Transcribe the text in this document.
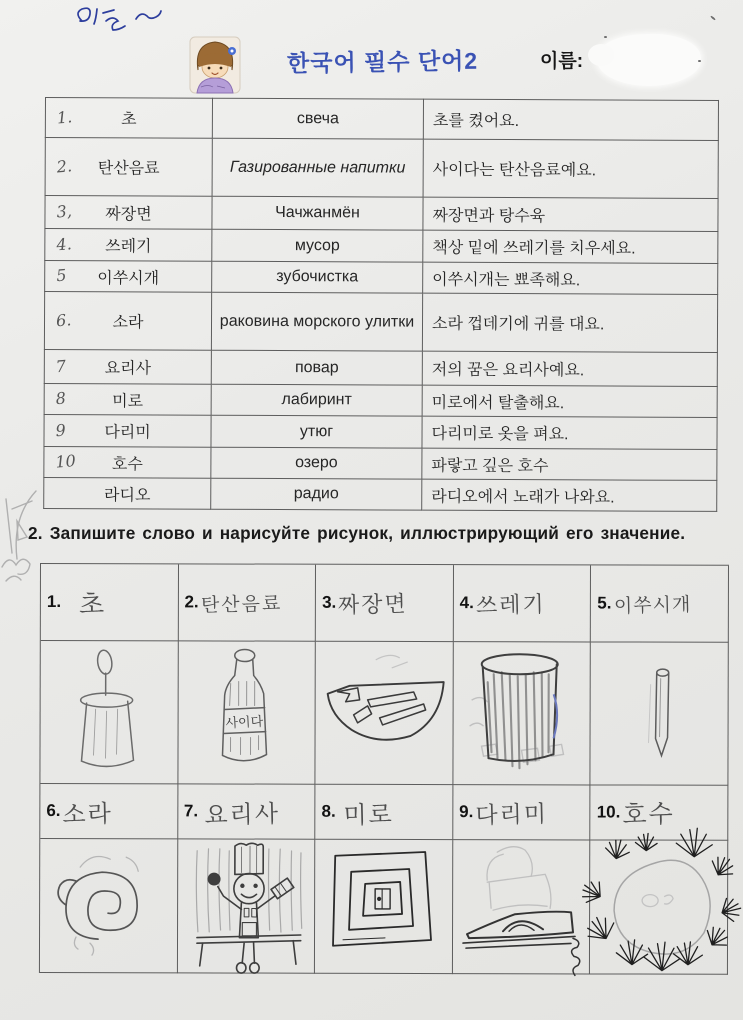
한국어 필수 단어2	이름:
1. 초	свеча	초를 켰어요.

2. 탄산음료	Газированные напитки	사이다는 탄산음료예요.

3, 짜장면	Чачжанмён	짜장면과 탕수육

4. 쓰레기	мусор	책상 밑에 쓰레기를 치우세요.

5 이쑤시개	зубочистка	이쑤시개는 뾰족해요.

6. 소라	раковина морского улитки	소라 껍데기에 귀를 대요.

7 요리사	повар	저의 꿈은 요리사예요.

8 미로	лабиринт	미로에서 탈출해요.

9 다리미	утюг	다리미로 옷을 펴요.

10 호수	озеро	파랗고 깊은 호수

라디오	радио	라디오에서 노래가 나와요.
2. Запишите слово и нарисуйте рисунок, иллюстрирующий его значение.
1. 초	2. 탄산음료 3. 짜장면	4. 쓰레기	5. 이쑤시개
사이다
6. 소라	7. 요리사 8. 미로	9. 다리미	10. 호수
